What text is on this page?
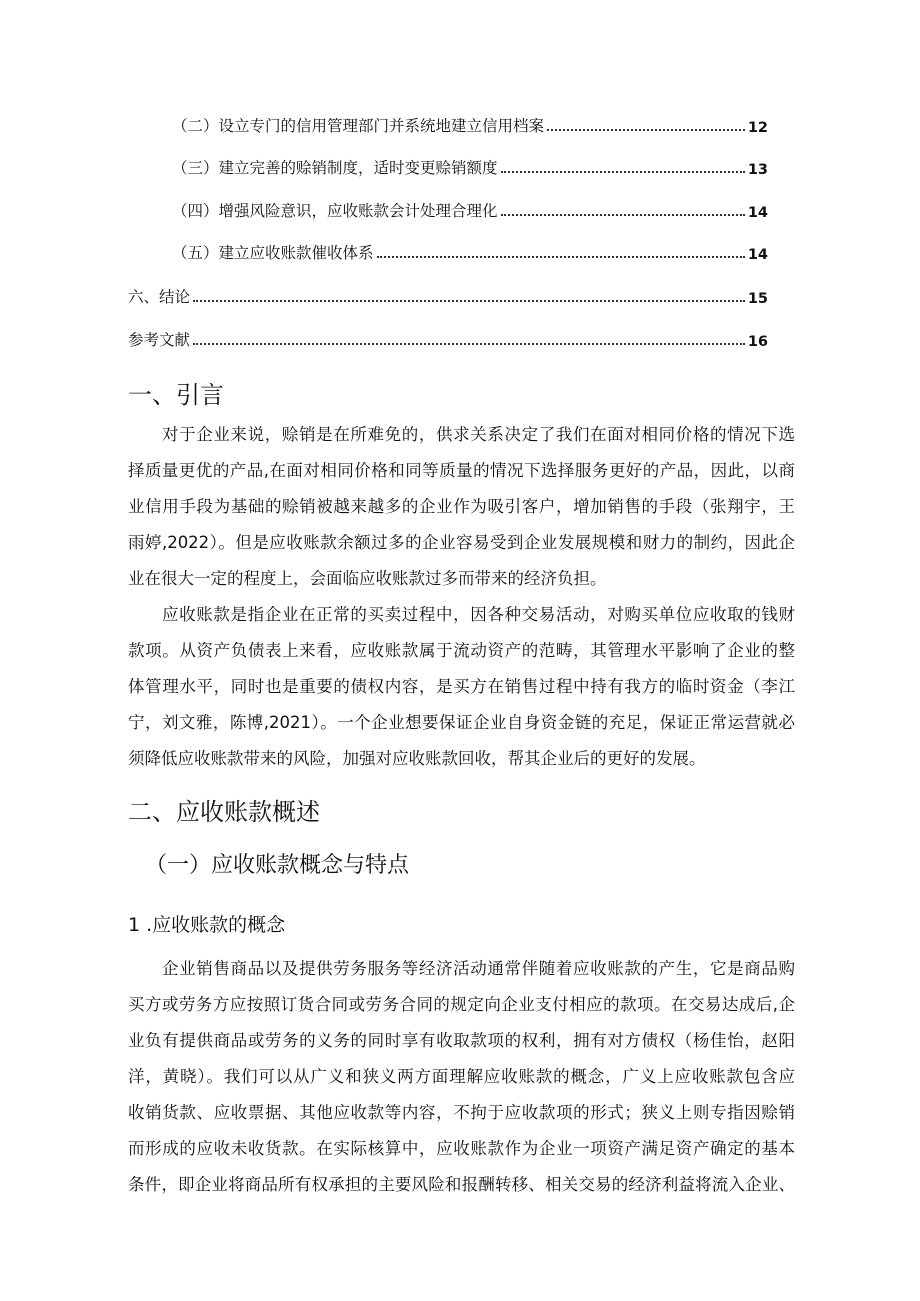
（二）设立专门的信用管理部门并系统地建立信用档案	12
（三）建立完善的赊销制度，适时变更赊销额度	13
（四）增强风险意识，应收账款会计处理合理化	14
（五）建立应收账款催收体系	14
六、结论	15
参考文献	16
一、引言
对于企业来说，赊销是在所难免的，供求关系决定了我们在面对相同价格的情况下选
择质量更优的产品,在面对相同价格和同等质量的情况下选择服务更好的产品，因此，以商
业信用手段为基础的赊销被越来越多的企业作为吸引客户，增加销售的手段（张翔宇，王
雨婷,2022）。但是应收账款余额过多的企业容易受到企业发展规模和财力的制约，因此企
业在很大一定的程度上，会面临应收账款过多而带来的经济负担。
应收账款是指企业在正常的买卖过程中，因各种交易活动，对购买单位应收取的钱财
款项。从资产负债表上来看，应收账款属于流动资产的范畴，其管理水平影响了企业的整
体管理水平，同时也是重要的债权内容，是买方在销售过程中持有我方的临时资金（李江
宁，刘文雅，陈博,2021）。一个企业想要保证企业自身资金链的充足，保证正常运营就必
须降低应收账款带来的风险，加强对应收账款回收，帮其企业后的更好的发展。
二、应收账款概述
（一）应收账款概念与特点
1 .应收账款的概念
企业销售商品以及提供劳务服务等经济活动通常伴随着应收账款的产生，它是商品购
买方或劳务方应按照订货合同或劳务合同的规定向企业支付相应的款项。在交易达成后,企
业负有提供商品或劳务的义务的同时享有收取款项的权利，拥有对方债权（杨佳怡，赵阳
洋，黄晓）。我们可以从广义和狭义两方面理解应收账款的概念，广义上应收账款包含应
收销货款、应收票据、其他应收款等内容，不拘于应收款项的形式；狭义上则专指因赊销
而形成的应收未收货款。在实际核算中，应收账款作为企业一项资产满足资产确定的基本
条件，即企业将商品所有权承担的主要风险和报酬转移、相关交易的经济利益将流入企业、
